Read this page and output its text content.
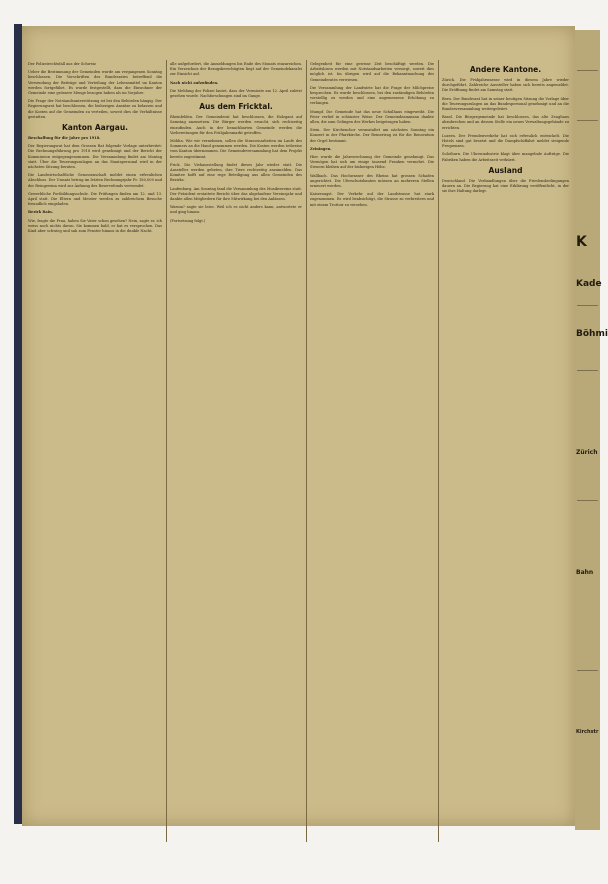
Der Polizeirechtsfall aus der Schweiz

Ueber die Bestimmung der Gemeinden wurde am vergangenen Sonntag beschlossen. Die Vorschriften des Bundesrates betreffend die Verwendung der Beiträge und Verteilung der Lebensmittel im Kanton werden fortgeführt. Es wurde festgestellt, dass die Einwohner der Gemeinde eine grössere Menge bezogen haben als im Vorjahre.

Die Frage der Notstandsunterstützung ist bei den Behörden hängig. Der Regierungsrat hat beschlossen, die bisherigen Ansätze zu belassen und die Kosten auf die Gemeinden zu verteilen, soweit dies die Verhältnisse gestatten.

Kanton Aargau.

Beschaffung für die Jahre pro 1918.

Der Regierungsrat hat dem Grossen Rat folgende Vorlage unterbreitet: Die Rechnungsführung pro 1918 wird genehmigt und der Bericht der Kommission entgegengenommen. Die Versammlung findet am Montag statt. Über die Teuerungszulagen an das Staatspersonal wird in der nächsten Sitzung beraten.

Die Landwirtschaftliche Genossenschaft meldet einen erfreulichen Abschluss. Der Umsatz betrug im letzten Rechnungsjahr Fr. 180,000 und der Reingewinn wird zur Äufnung des Reservefonds verwendet.

Gewerbliche Fortbildungsschule. Die Prüfungen finden am 12. und 13. April statt. Die Eltern und Meister werden zu zahlreichem Besuche freundlich eingeladen.

Bezirk Rain.

Wie, fragte die Frau, haben Sie Vater schon gesehen? Nein, sagte er, ich weiss noch nichts davon. Sie kommen bald, er hat es versprochen. Das Kind aber schwieg und sah zum Fenster hinaus in die dunkle Nacht.

alle aufgefordert, die Anmeldungen bis Ende des Monats einzureichen. Ein Verzeichnis der Bezugsberechtigten liegt auf der Gemeindekanzlei zur Einsicht auf.

Nach nicht aufzufinden.

Die Meldung der Polizei lautet, dass der Vermisste am 12. April zuletzt gesehen wurde. Nachforschungen sind im Gange.

Aus dem Fricktal.

Rheinfelden. Der Gemeinderat hat beschlossen, die Holzgant auf Samstag anzusetzen. Die Bürger werden ersucht, sich rechtzeitig einzufinden. Auch in der benachbarten Gemeinde werden die Vorbereitungen für den Frühjahrsmarkt getroffen.

Möhlin. Wie wir vernehmen, sollen die Strassenarbeiten im Laufe des Sommers an die Hand genommen werden. Die Kosten werden teilweise vom Kanton übernommen. Die Gemeindeversammlung hat dem Projekt bereits zugestimmt.

Frick. Die Viehausstellung findet dieses Jahr wieder statt. Die Aussteller werden gebeten, ihre Tiere rechtzeitig anzumelden. Das Komitee hofft auf eine rege Beteiligung aus allen Gemeinden des Bezirks.

Laufenburg. Am Sonntag fand die Versammlung des Musikvereins statt. Der Präsident erstattete Bericht über das abgelaufene Vereinsjahr und dankte allen Mitgliedern für ihre Mitwirkung bei den Anlässen.

Warum? sagte sie leise. Weil ich es nicht anders kann, antwortete er und ging hinaus.

(Fortsetzung folgt.)

Gelegenheit für eine gewisse Zeit beschäftigt werden. Die Arbeitslosen werden mit Notstandsarbeiten versorgt, soweit dies möglich ist. Im übrigen wird auf die Bekanntmachung des Gemeinderates verwiesen.

Die Versammlung der Landwirte hat die Frage der Milchpreise besprochen. Es wurde beschlossen, bei den zuständigen Behörden vorstellig zu werden und eine angemessene Erhöhung zu verlangen.

Mumpf. Die Gemeinde hat das neue Schulhaus eingeweiht. Die Feier verlief in schönster Weise. Der Gemeindeammann dankte allen, die zum Gelingen des Werkes beigetragen haben.

Stein. Der Kirchenchor veranstaltet am nächsten Sonntag ein Konzert in der Pfarrkirche. Der Reinertrag ist für die Renovation der Orgel bestimmt.

Zeiningen.

Hier wurde die Jahresrechnung der Gemeinde genehmigt. Das Vermögen hat sich um einige tausend Franken vermehrt. Die Steuern bleiben auf der bisherigen Höhe.

Wallbach. Das Hochwasser des Rheins hat grossen Schaden angerichtet. Die Uferschutzbauten müssen an mehreren Stellen erneuert werden.

Kaiseraugst. Der Verkehr auf der Landstrasse hat stark zugenommen. Es wird beabsichtigt, die Strasse zu verbreitern und mit einem Trottoir zu versehen.

Andere Kantone.

Zürich. Die Frühjahrsmesse wird in diesem Jahre wieder durchgeführt. Zahlreiche Aussteller haben sich bereits angemeldet. Die Eröffnung findet am Samstag statt.

Bern. Der Bundesrat hat in seiner heutigen Sitzung die Vorlage über die Teuerungszulagen an das Bundespersonal genehmigt und an die Bundesversammlung weitergeleitet.

Basel. Die Bürgergemeinde hat beschlossen, das alte Zeughaus abzubrechen und an dessen Stelle ein neues Verwaltungsgebäude zu errichten.

Luzern. Der Fremdenverkehr hat sich erfreulich entwickelt. Die Hotels sind gut besetzt und die Dampfschiffahrt meldet steigende Frequenzen.

Solothurn. Die Uhrenindustrie klagt über mangelnde Aufträge. Die Fabriken haben die Arbeitszeit verkürzt.

Ausland

Deutschland. Die Verhandlungen über die Friedensbedingungen dauern an. Die Regierung hat eine Erklärung veröffentlicht, in der sie ihre Haltung darlegt.

K
Kade
Böhmi
Zürich
Bahn
Kirchstr
